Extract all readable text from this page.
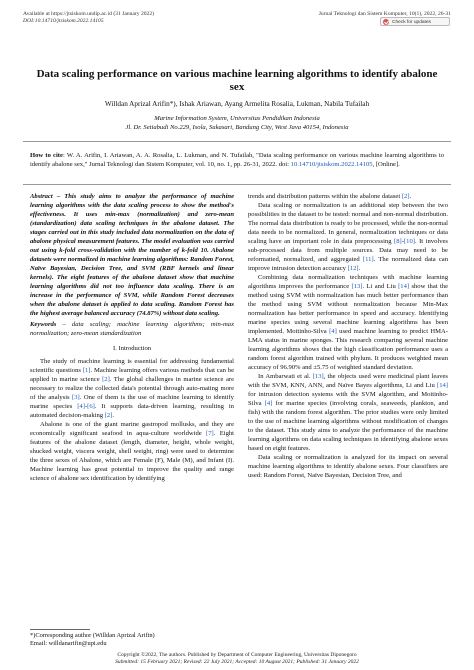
Available at https://jtsiskom.undip.ac.id (31 January 2022)
DOI:10.14710/jtsiskom.2022.14105
Jurnal Teknologi dan Sistem Komputer, 10(1), 2022, 26-31
Check for updates
Data scaling performance on various machine learning algorithms to identify abalone sex
Willdan Aprizal Arifin*), Ishak Ariawan, Ayang Armelita Rosalia, Lukman, Nabila Tufailah
Marine Information System, Universitas Pendidikan Indonesia
Jl. Dr. Setiabudi No.229, Isola, Sukasari, Bandung City, West Java 40154, Indonesia
How to cite: W. A. Arifin, I. Ariawan, A. A. Rosalia, L. Lukman, and N. Tufailah, "Data scaling performance on various machine learning algorithms to identify abalone sex," Jurnal Teknologi dan Sistem Komputer, vol. 10, no. 1, pp. 26-31, 2022. doi: 10.14710/jtsiskom.2022.14105, [Online].

Abstract – This study aims to analyze the performance of machine learning algorithms with the data scaling process to show the method's effectiveness. It uses min-max (normalization) and zero-mean (standardization) data scaling techniques in the abalone dataset. The stages carried out in this study included data normalization on the data of abalone physical measurement features. The model evaluation was carried out using k-fold cross-validation with the number of k-fold 10. Abalone datasets were normalized in machine learning algorithms: Random Forest, Naïve Bayesian, Decision Tree, and SVM (RBF kernels and linear kernels). The eight features of the abalone dataset show that machine learning algorithms did not too influence data scaling. There is an increase in the performance of SVM, while Random Forest decreases when the abalone dataset is applied to data scaling. Random Forest has the highest average balanced accuracy (74.87%) without data scaling.

Keywords – data scaling; machine learning algorithms; min-max normalization; zero-mean standardization

I. Introduction

The study of machine learning is essential for addressing fundamental scientific questions [1]. Machine learning offers various methods that can be applied in marine science [2]. The global challenges in marine science are necessary to realize the collected data's potential through auto-mating more of the analysis [3]. One of them is the use of machine learning to identify marine species [4]-[6]. It supports data-driven learning, resulting in automated decision-making [2].

Abalone is one of the giant marine gastropod mollusks, and they are economically significant seafood in aqua-culture worldwide [7]. Eight features of the abalone dataset (length, diameter, height, whole weight, shucked weight, viscera weight, shell weight, ring) were used to determine the three sexes of Abalone, which are Female (F), Male (M), and Infant (I). Machine learning has great potential to improve the quality and range science of abalone sex identification by identifying

trends and distribution patterns within the abalone dataset [2].

Data scaling or normalization is an additional step between the two possibilities in the dataset to be tested: normal and non-normal distribution. The normal data distribution is ready to be processed, while the non-normal data needs to be normalized. In general, normalization techniques or data scaling have an important role in data preprocessing [8]-[10]. It involves sub-processed data from multiple sources. Data may need to be reformatted, normalized, and aggregated [11]. The normalized data can improve intrusion detection accuracy [12].

Combining data normalization techniques with machine learning algorithms improves the performance [13]. Li and Liu [14] show that the method using SVM with normalization has much better performance than the method using SVM without normalization because Min-Max normalization has better performance in speed and accuracy. Identifying marine species using several machine learning algorithms has been implemented. Moitinho-Silva [4] used machine learning to predict HMA-LMA status in marine sponges. This research comparing several machine learning algorithms shows that the high classification performance uses a random forest algorithm trained with phylum. It produces weighted mean accuracy of 96.90% and ±5.75 of weighted standard deviation.

In Ambarwati et al. [13], the objects used were medicinal plant leaves with the SVM, KNN, ANN, and Naïve Bayes algorithms, Li and Liu [14] for intrusion detection systems with the SVM algorithm, and Moitinho-Silva [4] for marine species (involving corals, seaweeds, plankton, and fish) with the random forest algorithm. The prior studies were only limited to the use of machine learning algorithms without modification of changes to the dataset. This study aims to analyze the performance of the machine learning algorithms on data scaling techniques in identifying abalone sexes based on eight features.

Data scaling or normalization is analyzed for its impact on several machine learning algorithms to identify abalone sexes. Four classifiers are used: Random Forest, Naïve Bayesian, Decision Tree, and

*)Corresponding author (Willdan Aprizal Arifin)
Email: willdanarifin@upi.edu
Copyright ©2022, The authors. Published by Department of Computer Engineering, Universitas Diponegoro
Submitted: 15 February 2021; Revised: 22 July 2021; Accepted: 10 August 2021; Published: 31 January 2022
